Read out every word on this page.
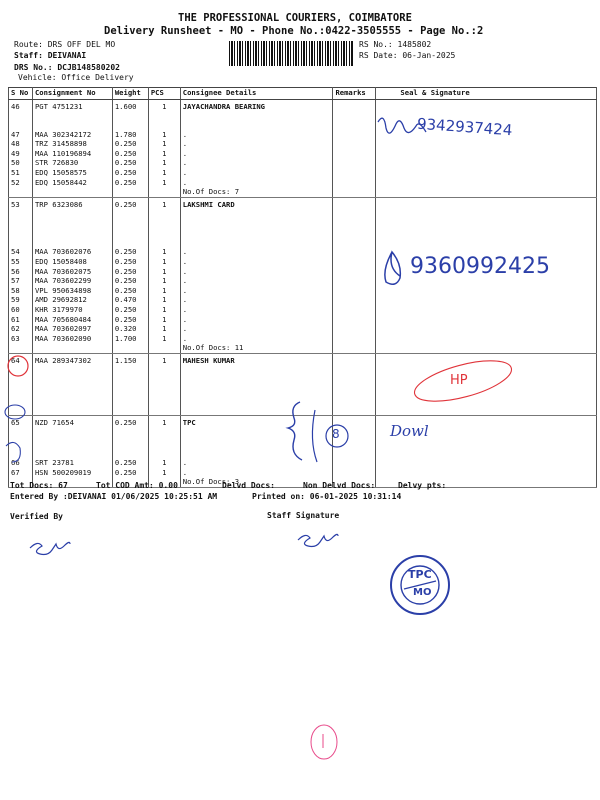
THE PROFESSIONAL COURIERS, COIMBATORE
Delivery Runsheet - MO - Phone No.:0422-3505555 - Page No.:2
Route: DRS OFF DEL MO
Staff: DEIVANAI
DRS No.: DCJB148580202
Vehicle: Office Delivery
RS No.: 1485802
RS Date: 06-Jan-2025
S No	Consignment No	Weight	PCS	Consignee Details	Remarks	Seal & Signature
46	PGT 4751231	1.600	1	JAYACHANDRA BEARING		

47	MAA 302342172	1.780	1	.		
48	TRZ 31458898	0.250	1	.		
49	MAA 110196894	0.250	1	.		
50	STR 726830	0.250	1	.		
51	EDQ 15058575	0.250	1	.		
52	EDQ 15058442	0.250	1	.		
				No.Of Docs: 7		
53	TRP 6323086	0.250	1	LAKSHMI CARD		

54	MAA 703602076	0.250	1	.		
55	EDQ 15058408	0.250	1	.		
56	MAA 703602075	0.250	1	.		
57	MAA 703602299	0.250	1	.		
58	VPL 950634898	0.250	1	.		
59	AMD 29692812	0.470	1	.		
60	KHR 3179970	0.250	1	.		
61	MAA 705680484	0.250	1	.		
62	MAA 703602097	0.320	1	.		
63	MAA 703602090	1.700	1	.		
				No.Of Docs: 11		
64	MAA 289347302	1.150	1	MAHESH KUMAR		

65	NZD 71654	0.250	1	TPC		

66	SRT 23781	0.250	1	.		
67	HSN 500209019	0.250	1	.		
				No.Of Docs: 3		
Tot Docs: 67	Tot COD Amt: 0.00	Delvd Docs:	Non Delvd Docs:	Delvy pts:
Entered By :DEIVANAI 01/06/2025 10:25:51 AM	Printed on: 06-01-2025 10:31:14
Verified By	Staff Signature
9342937424
9360992425
HP
Dowl
8
TPC
MO
